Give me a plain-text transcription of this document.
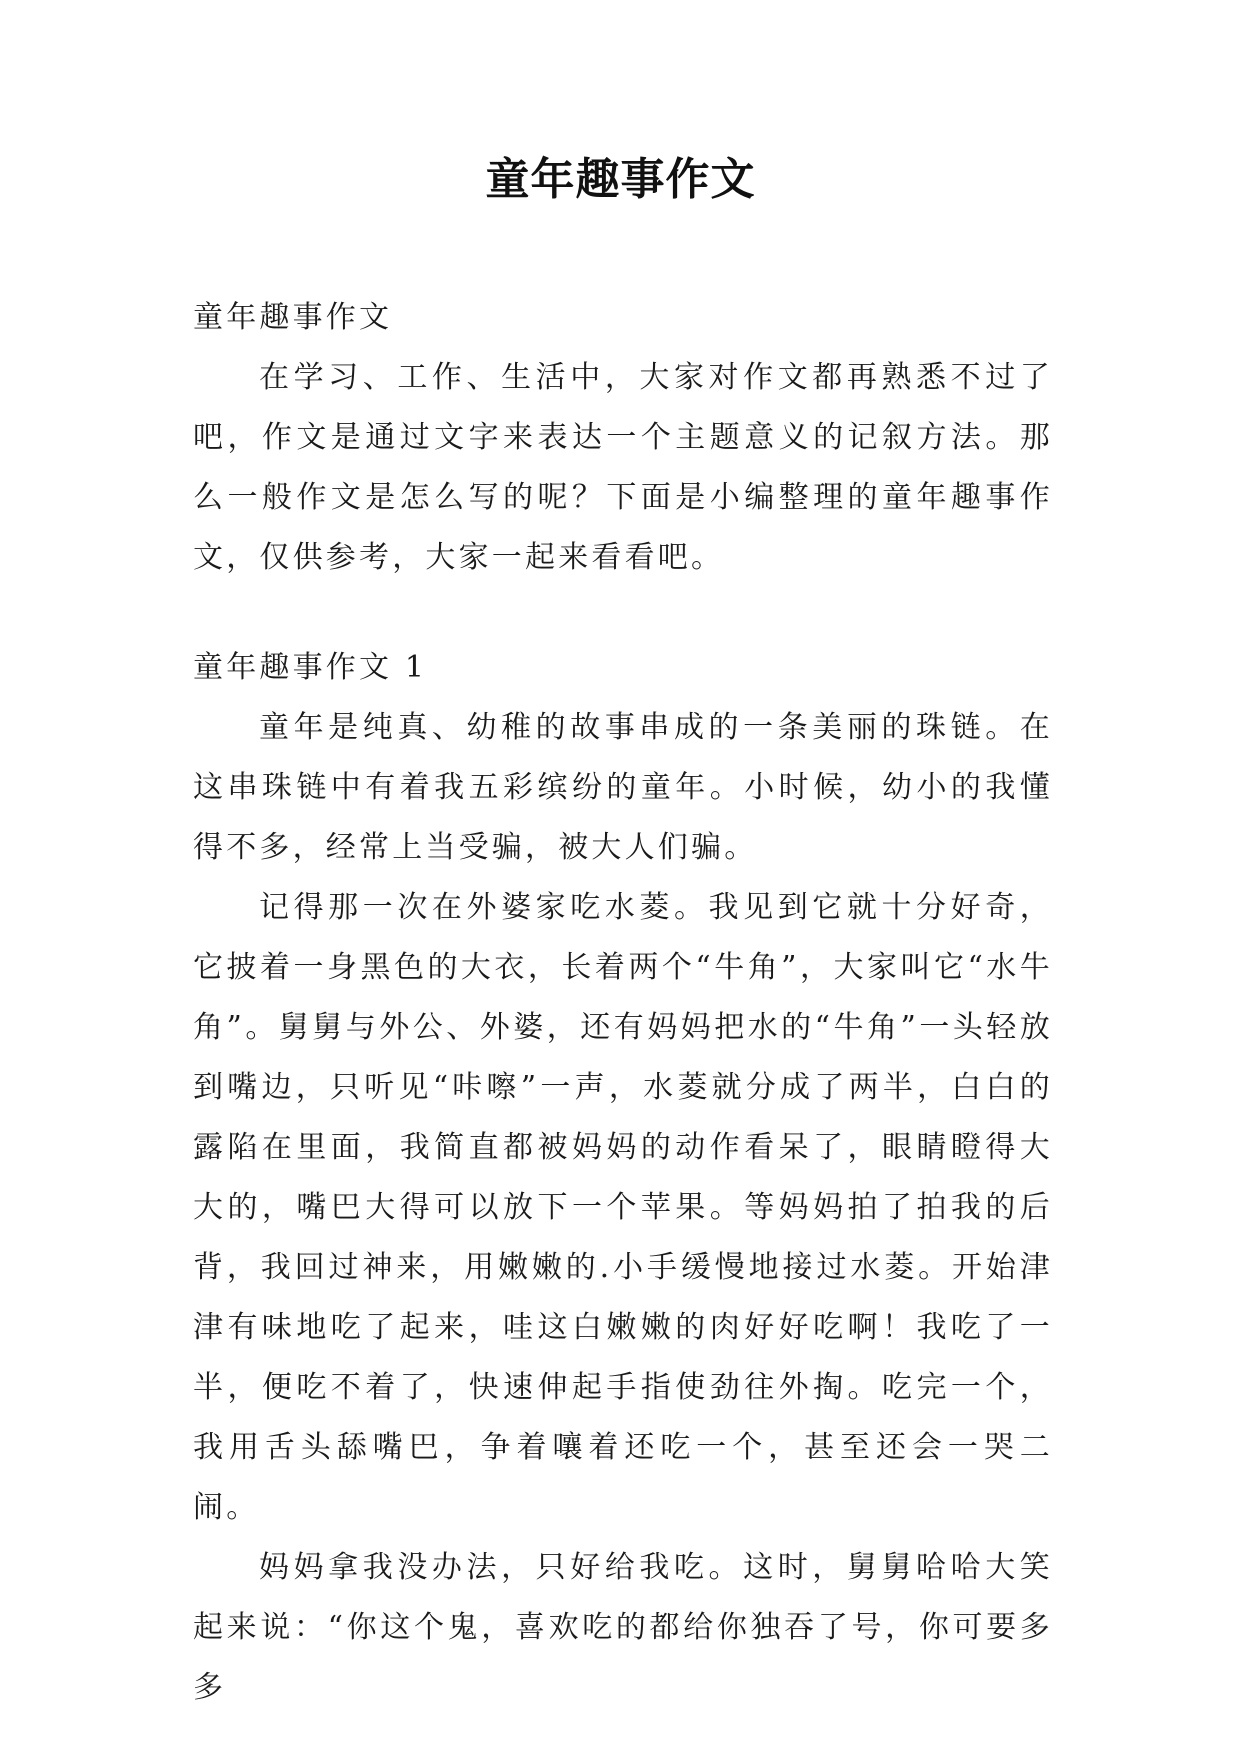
童年趣事作文

童年趣事作文

在学习、工作、生活中，大家对作文都再熟悉不过了吧，作文是通过文字来表达一个主题意义的记叙方法。那么一般作文是怎么写的呢？下面是小编整理的童年趣事作文，仅供参考，大家一起来看看吧。

童年趣事作文 1

童年是纯真、幼稚的故事串成的一条美丽的珠链。在这串珠链中有着我五彩缤纷的童年。小时候，幼小的我懂得不多，经常上当受骗，被大人们骗。

记得那一次在外婆家吃水菱。我见到它就十分好奇，它披着一身黑色的大衣，长着两个“牛角”，大家叫它“水牛角”。舅舅与外公、外婆，还有妈妈把水的“牛角”一头轻放到嘴边，只听见“咔嚓”一声，水菱就分成了两半，白白的露陷在里面，我简直都被妈妈的动作看呆了，眼睛瞪得大大的，嘴巴大得可以放下一个苹果。等妈妈拍了拍我的后背，我回过神来，用嫩嫩的.小手缓慢地接过水菱。开始津津有味地吃了起来，哇这白嫩嫩的肉好好吃啊！我吃了一半，便吃不着了，快速伸起手指使劲往外掏。吃完一个，我用舌头舔嘴巴，争着嚷着还吃一个，甚至还会一哭二闹。

妈妈拿我没办法，只好给我吃。这时，舅舅哈哈大笑起来说：“你这个鬼，喜欢吃的都给你独吞了号，你可要多多
